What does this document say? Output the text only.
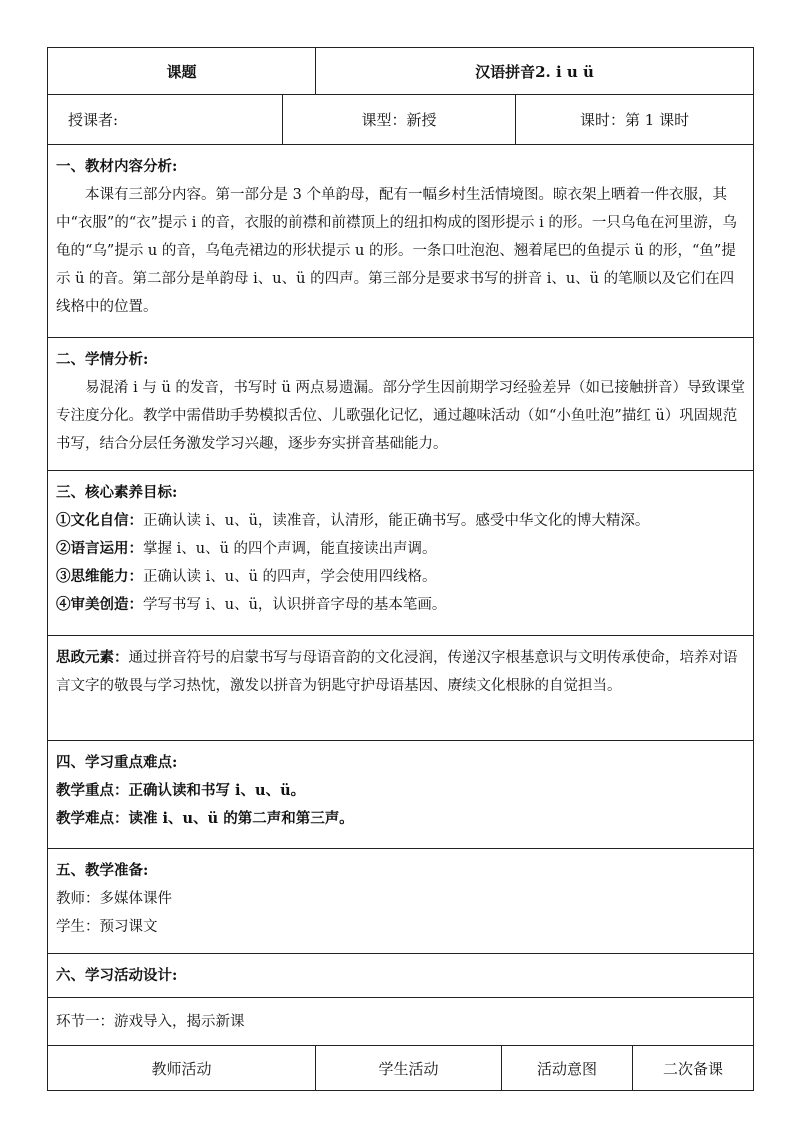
课题		汉语拼音2. i u ü	
授课者:	课型：新授		课时：第 1 课时

一、教材内容分析:

本课有三部分内容。第一部分是 3 个单韵母，配有一幅乡村生活情境图。晾衣架上晒着一件衣服，其中“衣服”的“衣”提示 i 的音，衣服的前襟和前襟顶上的纽扣构成的图形提示 i 的形。一只乌龟在河里游，乌龟的“乌”提示 u 的音，乌龟壳裙边的形状提示 u 的形。一条口吐泡泡、翘着尾巴的鱼提示 ü 的形，“鱼”提示 ü 的音。第二部分是单韵母 i、u、ü 的四声。第三部分是要求书写的拼音 i、u、ü 的笔顺以及它们在四线格中的位置。			

二、学情分析:

易混淆 i 与 ü 的发音，书写时 ü 两点易遗漏。部分学生因前期学习经验差异（如已接触拼音）导致课堂专注度分化。教学中需借助手势模拟舌位、儿歌强化记忆，通过趣味活动（如“小鱼吐泡”描红 ü）巩固规范书写，结合分层任务激发学习兴趣，逐步夯实拼音基础能力。			

三、核心素养目标:

①文化自信：正确认读 i、u、ü，读准音，认清形，能正确书写。感受中华文化的博大精深。

②语言运用：掌握 i、u、ü 的四个声调，能直接读出声调。

③思维能力：正确认读 i、u、ü 的四声，学会使用四线格。

④审美创造：学写书写 i、u、ü，认识拼音字母的基本笔画。			

思政元素：通过拼音符号的启蒙书写与母语音韵的文化浸润，传递汉字根基意识与文明传承使命，培养对语言文字的敬畏与学习热忱，激发以拼音为钥匙守护母语基因、赓续文化根脉的自觉担当。			

四、学习重点难点:

教学重点：正确认读和书写 i、u、ü。

教学难点：读准 i、u、ü 的第二声和第三声。			

五、教学准备:

教师：多媒体课件

学生：预习课文			

六、学习活动设计:			

环节一：游戏导入，揭示新课			

教师活动	学生活动	活动意图	二次备课
